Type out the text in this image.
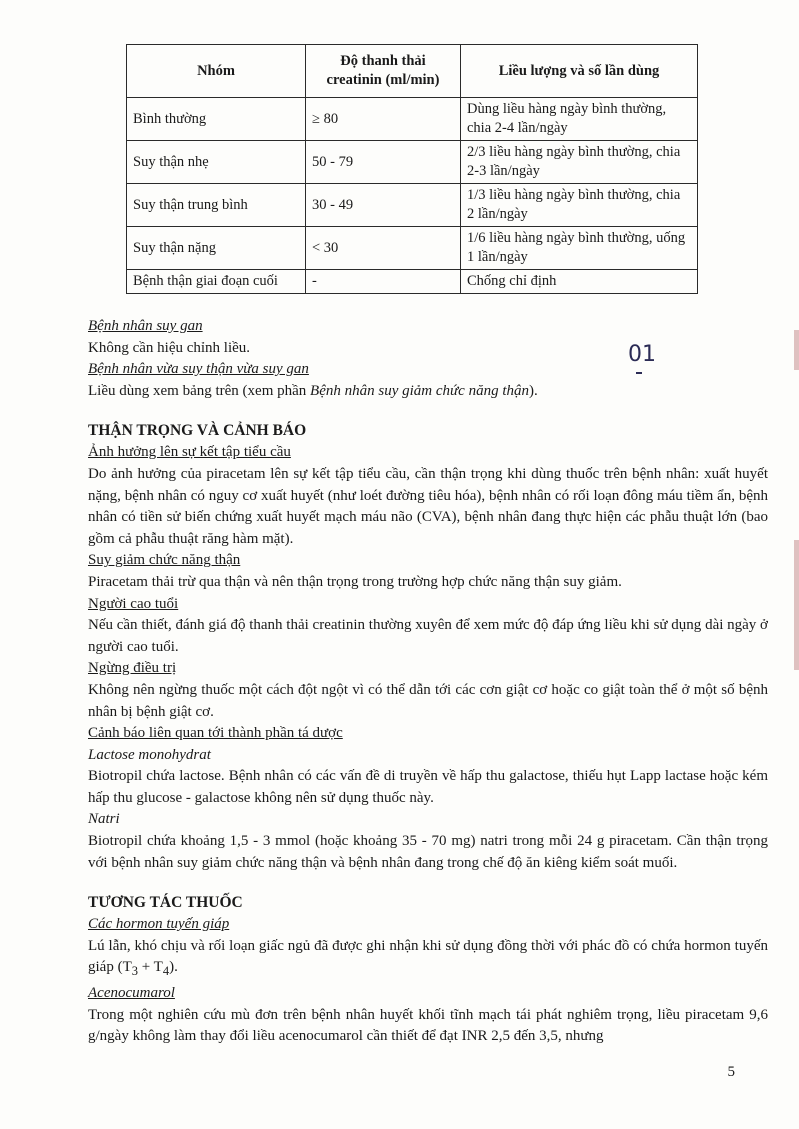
Nhóm	Độ thanh thải creatinin (ml/min)	Liều lượng và số lần dùng
Bình thường	≥ 80	Dùng liều hàng ngày bình thường, chia 2-4 lần/ngày
Suy thận nhẹ	50 - 79	2/3 liều hàng ngày bình thường, chia 2-3 lần/ngày
Suy thận trung bình	30 - 49	1/3 liều hàng ngày bình thường, chia 2 lần/ngày
Suy thận nặng	< 30	1/6 liều hàng ngày bình thường, uống 1 lần/ngày
Bệnh thận giai đoạn cuối	-	Chống chỉ định

Bệnh nhân suy gan

Không cần hiệu chỉnh liều.

Bệnh nhân vừa suy thận vừa suy gan

Liều dùng xem bảng trên (xem phần Bệnh nhân suy giảm chức năng thận).

THẬN TRỌNG VÀ CẢNH BÁO

Ảnh hưởng lên sự kết tập tiểu cầu

Do ảnh hưởng của piracetam lên sự kết tập tiểu cầu, cần thận trọng khi dùng thuốc trên bệnh nhân: xuất huyết nặng, bệnh nhân có nguy cơ xuất huyết (như loét đường tiêu hóa), bệnh nhân có rối loạn đông máu tiềm ẩn, bệnh nhân có tiền sử biến chứng xuất huyết mạch máu não (CVA), bệnh nhân đang thực hiện các phẫu thuật lớn (bao gồm cả phẫu thuật răng hàm mặt).

Suy giảm chức năng thận

Piracetam thải trừ qua thận và nên thận trọng trong trường hợp chức năng thận suy giảm.

Người cao tuổi

Nếu cần thiết, đánh giá độ thanh thải creatinin thường xuyên để xem mức độ đáp ứng liều khi sử dụng dài ngày ở người cao tuổi.

Ngừng điều trị

Không nên ngừng thuốc một cách đột ngột vì có thể dẫn tới các cơn giật cơ hoặc co giật toàn thể ở một số bệnh nhân bị bệnh giật cơ.

Cảnh báo liên quan tới thành phần tá dược

Lactose monohydrat

Biotropil chứa lactose. Bệnh nhân có các vấn đề di truyền về hấp thu galactose, thiếu hụt Lapp lactase hoặc kém hấp thu glucose - galactose không nên sử dụng thuốc này.

Natri

Biotropil chứa khoảng 1,5 - 3 mmol (hoặc khoảng 35 - 70 mg) natri trong mỗi 24 g piracetam. Cần thận trọng với bệnh nhân suy giảm chức năng thận và bệnh nhân đang trong chế độ ăn kiêng kiểm soát muối.

TƯƠNG TÁC THUỐC

Các hormon tuyến giáp

Lú lẫn, khó chịu và rối loạn giấc ngủ đã được ghi nhận khi sử dụng đồng thời với phác đồ có chứa hormon tuyến giáp $(T_3 + T_4)$.

Acenocumarol

Trong một nghiên cứu mù đơn trên bệnh nhân huyết khối tĩnh mạch tái phát nghiêm trọng, liều piracetam 9,6 g/ngày không làm thay đổi liều acenocumarol cần thiết để đạt INR 2,5 đến 3,5, nhưng

01
5
